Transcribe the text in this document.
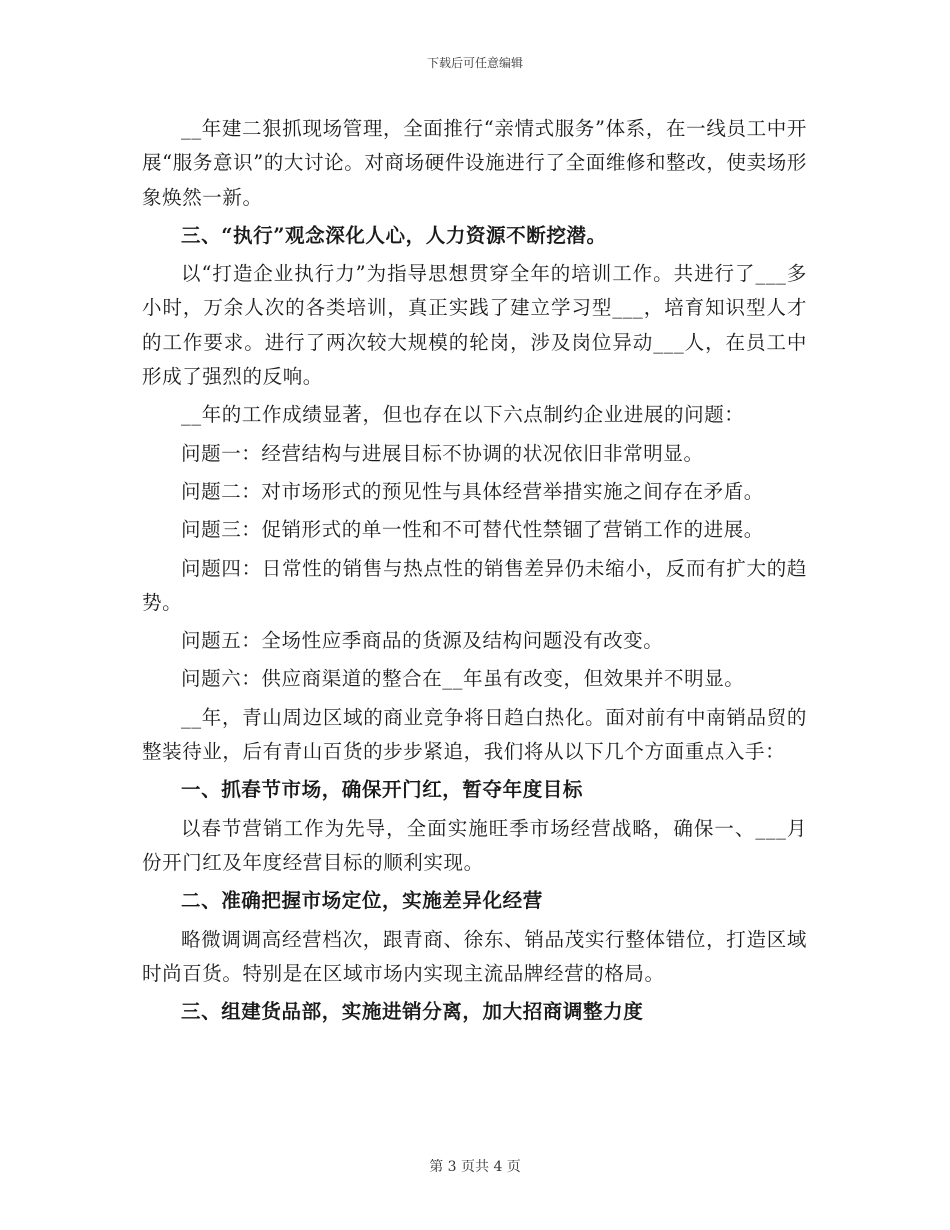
下载后可任意编辑

__年建二狠抓现场管理，全面推行“亲情式服务”体系，在一线员工中开展“服务意识”的大讨论。对商场硬件设施进行了全面维修和整改，使卖场形象焕然一新。

三、“执行”观念深化人心，人力资源不断挖潜。

以“打造企业执行力”为指导思想贯穿全年的培训工作。共进行了___多小时，万余人次的各类培训，真正实践了建立学习型___，培育知识型人才的工作要求。进行了两次较大规模的轮岗，涉及岗位异动___人，在员工中形成了强烈的反响。

__年的工作成绩显著，但也存在以下六点制约企业进展的问题：

问题一：经营结构与进展目标不协调的状况依旧非常明显。

问题二：对市场形式的预见性与具体经营举措实施之间存在矛盾。

问题三：促销形式的单一性和不可替代性禁锢了营销工作的进展。

问题四：日常性的销售与热点性的销售差异仍未缩小，反而有扩大的趋势。

问题五：全场性应季商品的货源及结构问题没有改变。

问题六：供应商渠道的整合在__年虽有改变，但效果并不明显。

__年，青山周边区域的商业竞争将日趋白热化。面对前有中南销品贸的整装待业，后有青山百货的步步紧追，我们将从以下几个方面重点入手：

一、抓春节市场，确保开门红，暂夺年度目标

以春节营销工作为先导，全面实施旺季市场经营战略，确保一、___月份开门红及年度经营目标的顺利实现。

二、准确把握市场定位，实施差异化经营

略微调调高经营档次，跟青商、徐东、销品茂实行整体错位，打造区域时尚百货。特别是在区域市场内实现主流品牌经营的格局。

三、组建货品部，实施进销分离，加大招商调整力度

第 3 页共 4 页
